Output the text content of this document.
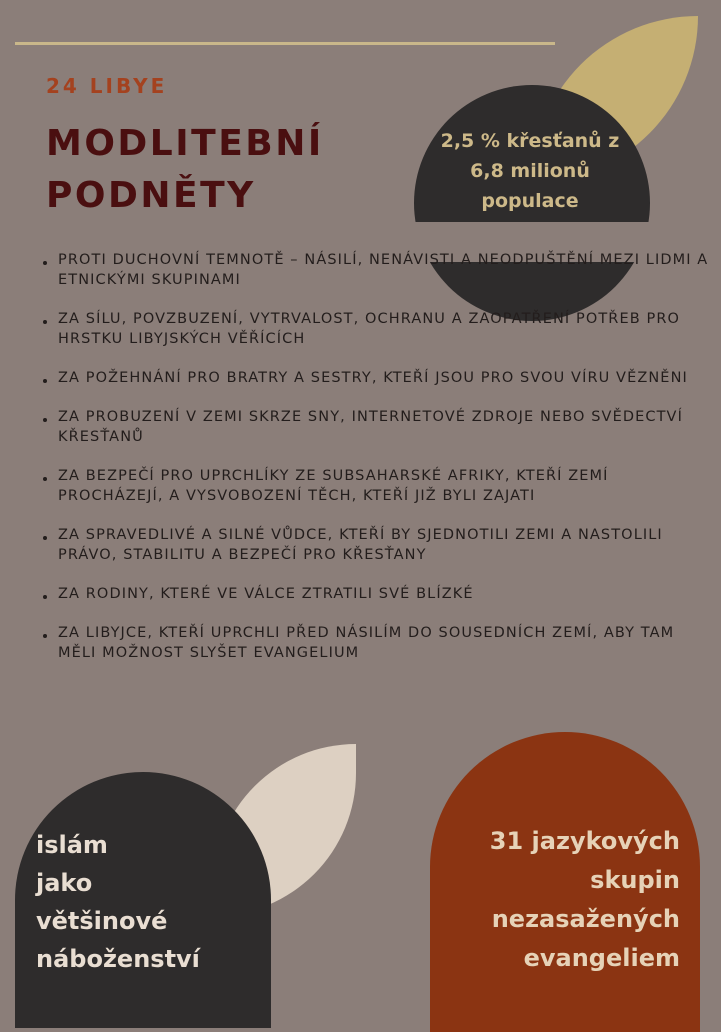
2,5 % křesťanů z
6,8 milionů
populace
24 LIBYE
MODLITEBNÍ
PODNĚTY
PROTI DUCHOVNÍ TEMNOTĚ – NÁSILÍ, NENÁVISTI A NEODPUŠTĚNÍ MEZI LIDMI A ETNICKÝMI SKUPINAMI
ZA SÍLU, POVZBUZENÍ, VYTRVALOST, OCHRANU A ZAOPATŘENÍ POTŘEB PRO HRSTKU LIBYJSKÝCH VĚŘÍCÍCH
ZA POŽEHNÁNÍ PRO BRATRY A SESTRY, KTEŘÍ JSOU PRO SVOU VÍRU VĚZNĚNI
ZA PROBUZENÍ V ZEMI SKRZE SNY, INTERNETOVÉ ZDROJE NEBO SVĚDECTVÍ KŘESŤANŮ
ZA BEZPEČÍ PRO UPRCHLÍKY ZE SUBSAHARSKÉ AFRIKY, KTEŘÍ ZEMÍ PROCHÁZEJÍ, A VYSVOBOZENÍ TĚCH, KTEŘÍ JIŽ BYLI ZAJATI
ZA SPRAVEDLIVÉ A SILNÉ VŮDCE, KTEŘÍ BY SJEDNOTILI ZEMI A NASTOLILI PRÁVO, STABILITU A BEZPEČÍ PRO KŘESŤANY
ZA RODINY, KTERÉ VE VÁLCE ZTRATILI SVÉ BLÍZKÉ
ZA LIBYJCE, KTEŘÍ UPRCHLI PŘED NÁSILÍM DO SOUSEDNÍCH ZEMÍ, ABY TAM MĚLI MOŽNOST SLYŠET EVANGELIUM
islám
jako
většinové
náboženství
31 jazykových
skupin
nezasažených
evangeliem
